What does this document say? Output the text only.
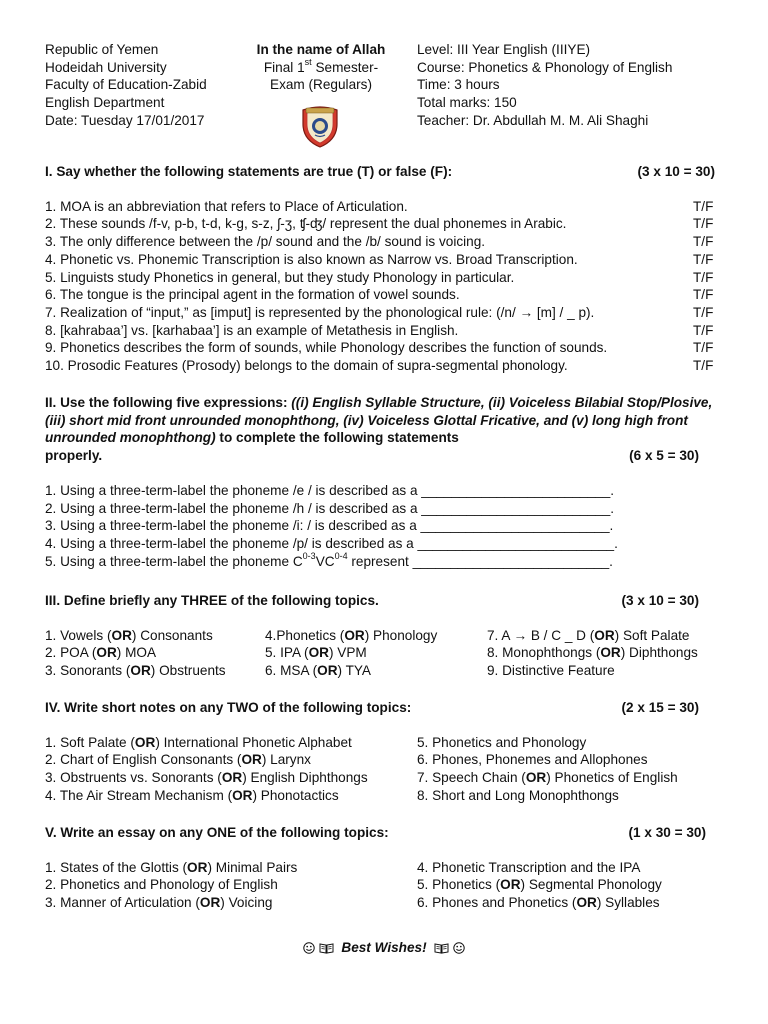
Republic of Yemen
Hodeidah University
Faculty of Education-Zabid
English Department
Date: Tuesday 17/01/2017
In the name of Allah
Final 1st Semester-
Exam (Regulars)
Level: III Year English (IIIYE)
Course: Phonetics & Phonology of English
Time: 3 hours
Total marks: 150
Teacher: Dr. Abdullah M. M. Ali Shaghi
I. Say whether the following statements are true (T) or false (F):	(3 x 10 = 30)
1. MOA is an abbreviation that refers to Place of Articulation.	T/F
2. These sounds /f-v, p-b, t-d, k-g, s-z, ʃ-ʒ, ʧ-ʤ/ represent the dual phonemes in Arabic.	T/F
3. The only difference between the /p/ sound and the /b/ sound is voicing.	T/F
4. Phonetic vs. Phonemic Transcription is also known as Narrow vs. Broad Transcription.	T/F
5. Linguists study Phonetics in general, but they study Phonology in particular.	T/F
6. The tongue is the principal agent in the formation of vowel sounds.	T/F
7. Realization of “input,” as [imput] is represented by the phonological rule: (/n/ → [m] / _ p).	T/F
8. [kahrabaa’] vs. [karhabaa’] is an example of Metathesis in English.	T/F
9. Phonetics describes the form of sounds, while Phonology describes the function of sounds.	T/F
10. Prosodic Features (Prosody) belongs to the domain of supra-segmental phonology.	T/F
II. Use the following five expressions: ((i) English Syllable Structure, (ii) Voiceless Bilabial Stop/Plosive, (iii) short mid front unrounded monophthong, (iv) Voiceless Glottal Fricative, and (v) long high front unrounded monophthong) to complete the following statements
properly.	(6 x 5 = 30)
1. Using a three-term-label the phoneme /e / is described as a _________________________.
2. Using a three-term-label the phoneme /h / is described as a _________________________.
3. Using a three-term-label the phoneme /i: / is described as a _________________________.
4. Using a three-term-label the phoneme /p/ is described as a __________________________.
5. Using a three-term-label the phoneme $C^{0-3}VC^{0-4}$ represent __________________________.
III. Define briefly any THREE of the following topics.	(3 x 10 = 30)
1. Vowels (OR) Consonants	4.Phonetics (OR) Phonology	7. A → B / C _ D (OR) Soft Palate
2. POA (OR) MOA	5. IPA (OR) VPM	8. Monophthongs (OR) Diphthongs
3. Sonorants (OR) Obstruents	6. MSA (OR) TYA	9. Distinctive Feature
IV. Write short notes on any TWO of the following topics:	(2 x 15 = 30)
1. Soft Palate (OR) International Phonetic Alphabet	5. Phonetics and Phonology
2. Chart of English Consonants (OR) Larynx	6. Phones, Phonemes and Allophones
3. Obstruents vs. Sonorants (OR) English Diphthongs	7. Speech Chain (OR) Phonetics of English
4. The Air Stream Mechanism (OR) Phonotactics	8. Short and Long Monophthongs
V. Write an essay on any ONE of the following topics:	(1 x 30 = 30)
1. States of the Glottis (OR) Minimal Pairs	4. Phonetic Transcription and the IPA
2. Phonetics and Phonology of English	5. Phonetics (OR) Segmental Phonology
3. Manner of Articulation (OR) Voicing	6. Phones and Phonetics (OR) Syllables
Best Wishes!
